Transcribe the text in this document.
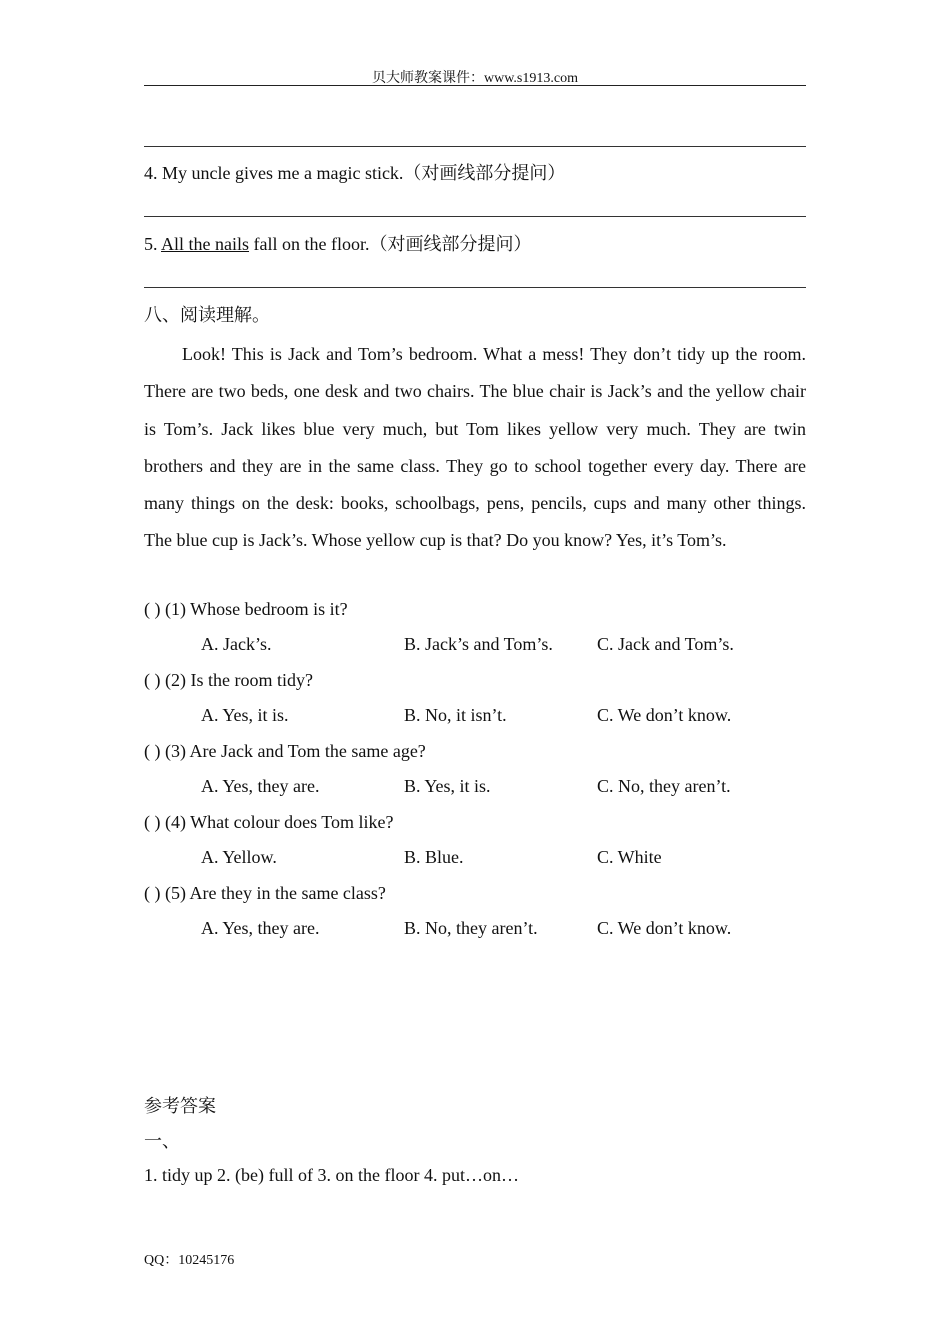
贝大师教案课件：www.s1913.com
4. My uncle gives me a magic stick.（对画线部分提问）
5. All the nails fall on the floor.（对画线部分提问）
八、阅读理解。

Look! This is Jack and Tom’s bedroom. What a mess! They don’t tidy up the room. There are two beds, one desk and two chairs. The blue chair is Jack’s and the yellow chair is Tom’s. Jack likes blue very much, but Tom likes yellow very much. They are twin brothers and they are in the same class. They go to school together every day. There are many things on the desk: books, schoolbags, pens, pencils, cups and many other things. The blue cup is Jack’s. Whose yellow cup is that? Do you know? Yes, it’s Tom’s.

( ) (1) Whose bedroom is it?
A. Jack’s.	B. Jack’s and Tom’s. C. Jack and Tom’s.
( ) (2) Is the room tidy?
A. Yes, it is.	B. No, it isn’t.	C. We don’t know.
( ) (3) Are Jack and Tom the same age?
A. Yes, they are.	B. Yes, it is.	C. No, they aren’t.
( ) (4) What colour does Tom like?
A. Yellow.	B. Blue.	C. White
( ) (5) Are they in the same class?
A. Yes, they are.	B. No, they aren’t.	C. We don’t know.
参考答案
一、
1. tidy up 2. (be) full of 3. on the floor 4. put…on…
QQ：10245176
